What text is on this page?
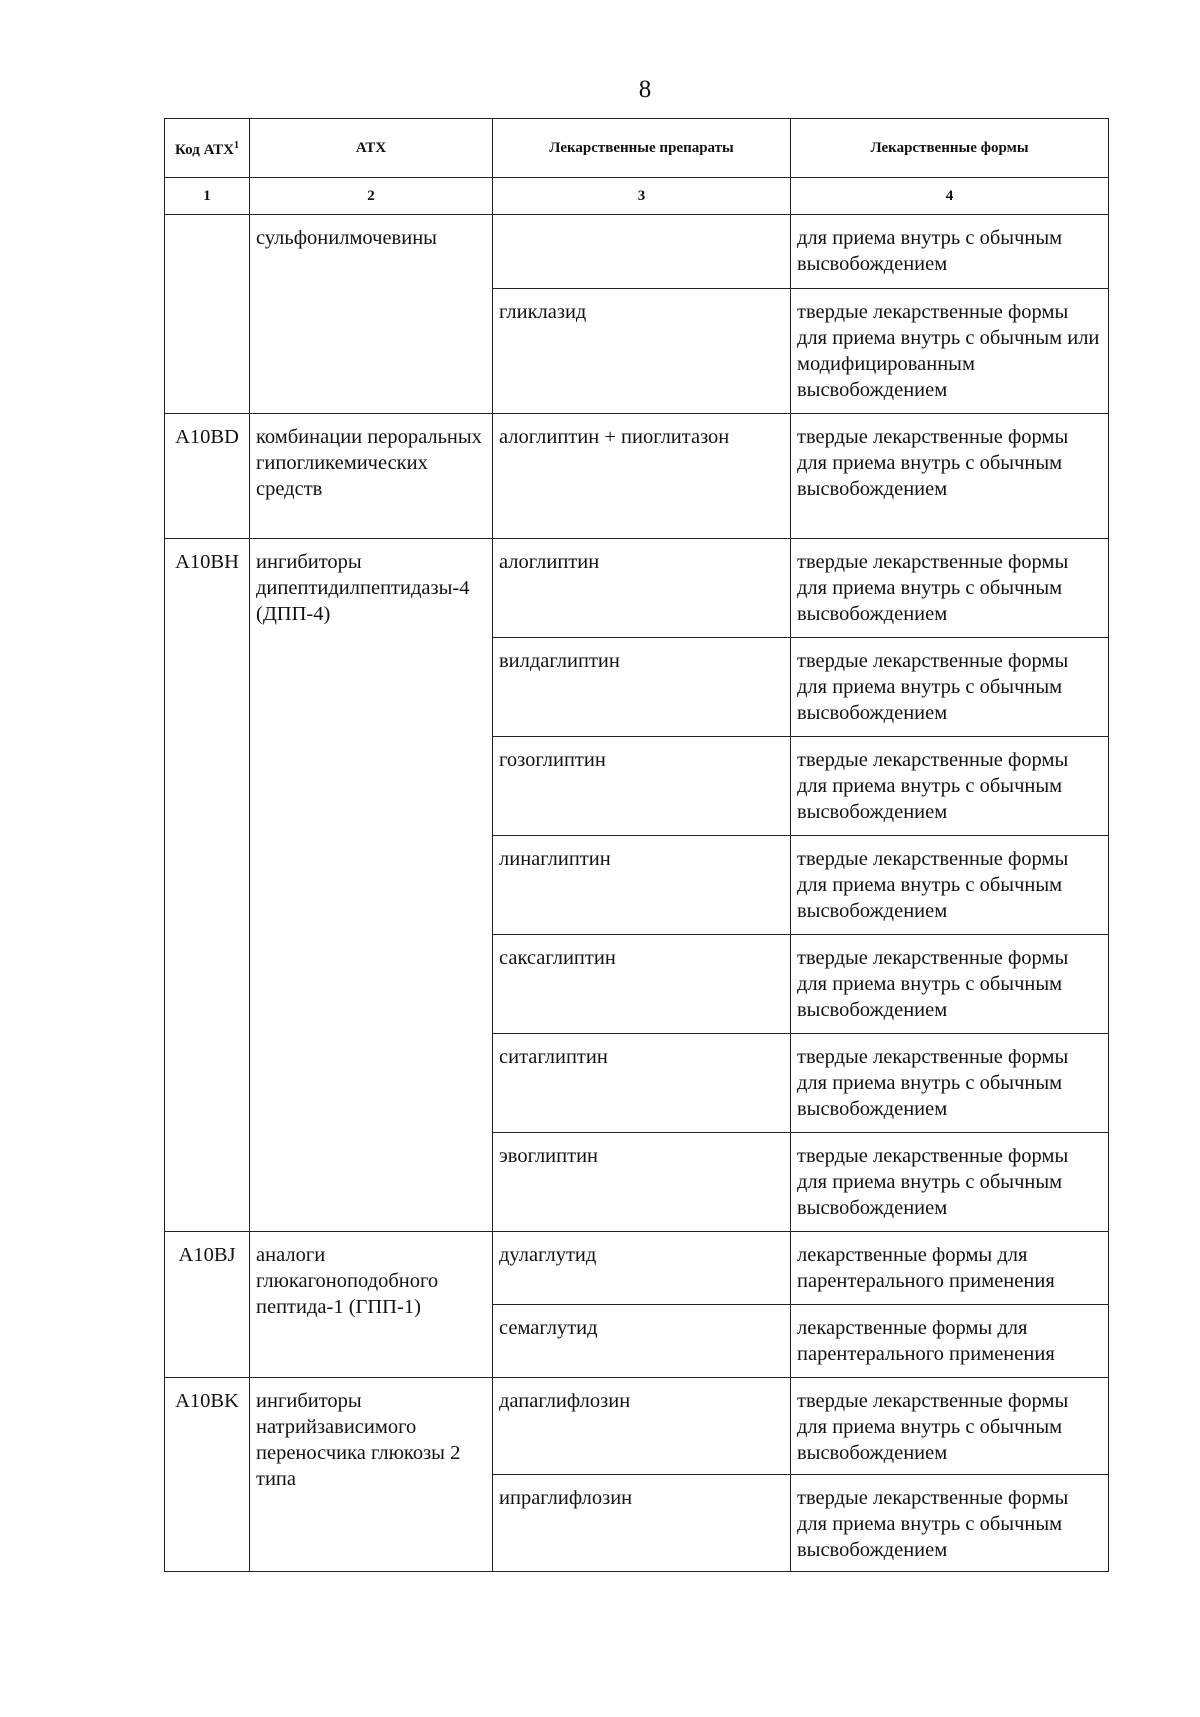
8
Код АТХ$^1$	АТХ	Лекарственные препараты	Лекарственные формы
1	2	3	4
	сульфонилмочевины		для приема внутрь с обычным высвобождением
		гликлазид	твердые лекарственные формы для приема внутрь с обычным или модифицированным высвобождением
A10BD	комбинации пероральных гипогликемических средств	алоглиптин + пиоглитазон	твердые лекарственные формы для приема внутрь с обычным высвобождением
A10BH	ингибиторы дипептидилпептидазы-4 (ДПП-4)	алоглиптин	твердые лекарственные формы для приема внутрь с обычным высвобождением
		вилдаглиптин	твердые лекарственные формы для приема внутрь с обычным высвобождением
		гозоглиптин	твердые лекарственные формы для приема внутрь с обычным высвобождением
		линаглиптин	твердые лекарственные формы для приема внутрь с обычным высвобождением
		саксаглиптин	твердые лекарственные формы для приема внутрь с обычным высвобождением
		ситаглиптин	твердые лекарственные формы для приема внутрь с обычным высвобождением
		эвоглиптин	твердые лекарственные формы для приема внутрь с обычным высвобождением
A10BJ	аналоги глюкагоноподобного пептида-1 (ГПП-1)	дулаглутид	лекарственные формы для парентерального применения
		семаглутид	лекарственные формы для парентерального применения
A10BK	ингибиторы натрийзависимого переносчика глюкозы 2 типа	дапаглифлозин	твердые лекарственные формы для приема внутрь с обычным высвобождением
		ипраглифлозин	твердые лекарственные формы для приема внутрь с обычным высвобождением
